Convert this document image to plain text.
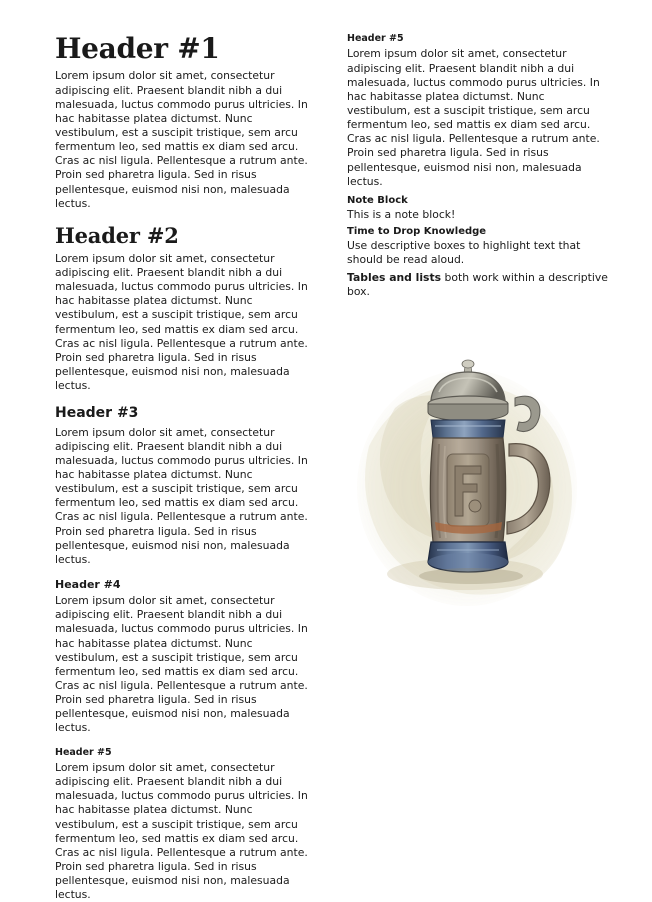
Header #1

Lorem ipsum dolor sit amet, consectetur adipiscing elit. Praesent blandit nibh a dui malesuada, luctus commodo purus ultricies. In hac habitasse platea dictumst. Nunc vestibulum, est a suscipit tristique, sem arcu fermentum leo, sed mattis ex diam sed arcu. Cras ac nisl ligula. Pellentesque a rutrum ante. Proin sed pharetra ligula. Sed in risus pellentesque, euismod nisi non, malesuada lectus.

Header #2

Lorem ipsum dolor sit amet, consectetur adipiscing elit. Praesent blandit nibh a dui malesuada, luctus commodo purus ultricies. In hac habitasse platea dictumst. Nunc vestibulum, est a suscipit tristique, sem arcu fermentum leo, sed mattis ex diam sed arcu. Cras ac nisl ligula. Pellentesque a rutrum ante. Proin sed pharetra ligula. Sed in risus pellentesque, euismod nisi non, malesuada lectus.

Header #3

Lorem ipsum dolor sit amet, consectetur adipiscing elit. Praesent blandit nibh a dui malesuada, luctus commodo purus ultricies. In hac habitasse platea dictumst. Nunc vestibulum, est a suscipit tristique, sem arcu fermentum leo, sed mattis ex diam sed arcu. Cras ac nisl ligula. Pellentesque a rutrum ante. Proin sed pharetra ligula. Sed in risus pellentesque, euismod nisi non, malesuada lectus.

Header #4

Lorem ipsum dolor sit amet, consectetur adipiscing elit. Praesent blandit nibh a dui malesuada, luctus commodo purus ultricies. In hac habitasse platea dictumst. Nunc vestibulum, est a suscipit tristique, sem arcu fermentum leo, sed mattis ex diam sed arcu. Cras ac nisl ligula. Pellentesque a rutrum ante. Proin sed pharetra ligula. Sed in risus pellentesque, euismod nisi non, malesuada lectus.

Header #5

Lorem ipsum dolor sit amet, consectetur adipiscing elit. Praesent blandit nibh a dui malesuada, luctus commodo purus ultricies. In hac habitasse platea dictumst. Nunc vestibulum, est a suscipit tristique, sem arcu fermentum leo, sed mattis ex diam sed arcu. Cras ac nisl ligula. Pellentesque a rutrum ante. Proin sed pharetra ligula. Sed in risus pellentesque, euismod nisi non, malesuada lectus.

Header #5

Lorem ipsum dolor sit amet, consectetur adipiscing elit. Praesent blandit nibh a dui malesuada, luctus commodo purus ultricies. In hac habitasse platea dictumst. Nunc vestibulum, est a suscipit tristique, sem arcu fermentum leo, sed mattis ex diam sed arcu. Cras ac nisl ligula. Pellentesque a rutrum ante. Proin sed pharetra ligula. Sed in risus pellentesque, euismod nisi non, malesuada lectus.

Note Block
This is a note block!
Time to Drop Knowledge
Use descriptive boxes to highlight text that should be read aloud.
Tables and lists both work within a descriptive box.
